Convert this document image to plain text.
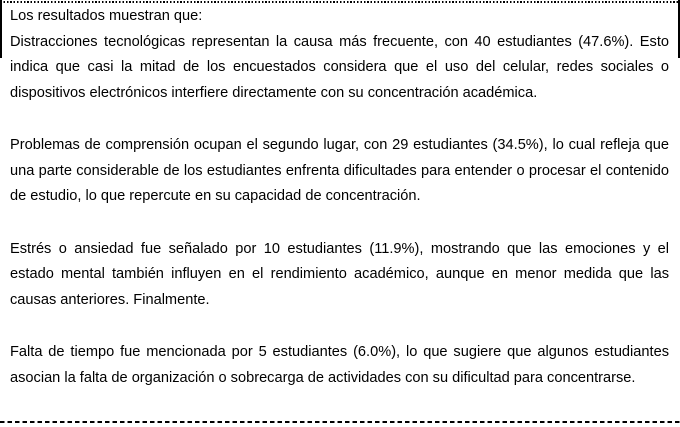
Los resultados muestran que:

Distracciones tecnológicas representan la causa más frecuente, con 40 estudiantes (47.6%). Esto indica que casi la mitad de los encuestados considera que el uso del celular, redes sociales o dispositivos electrónicos interfiere directamente con su concentración académica.

Problemas de comprensión ocupan el segundo lugar, con 29 estudiantes (34.5%), lo cual refleja que una parte considerable de los estudiantes enfrenta dificultades para entender o procesar el contenido de estudio, lo que repercute en su capacidad de concentración.

Estrés o ansiedad fue señalado por 10 estudiantes (11.9%), mostrando que las emociones y el estado mental también influyen en el rendimiento académico, aunque en menor medida que las causas anteriores. Finalmente.

Falta de tiempo fue mencionada por 5 estudiantes (6.0%), lo que sugiere que algunos estudiantes asocian la falta de organización o sobrecarga de actividades con su dificultad para concentrarse.
